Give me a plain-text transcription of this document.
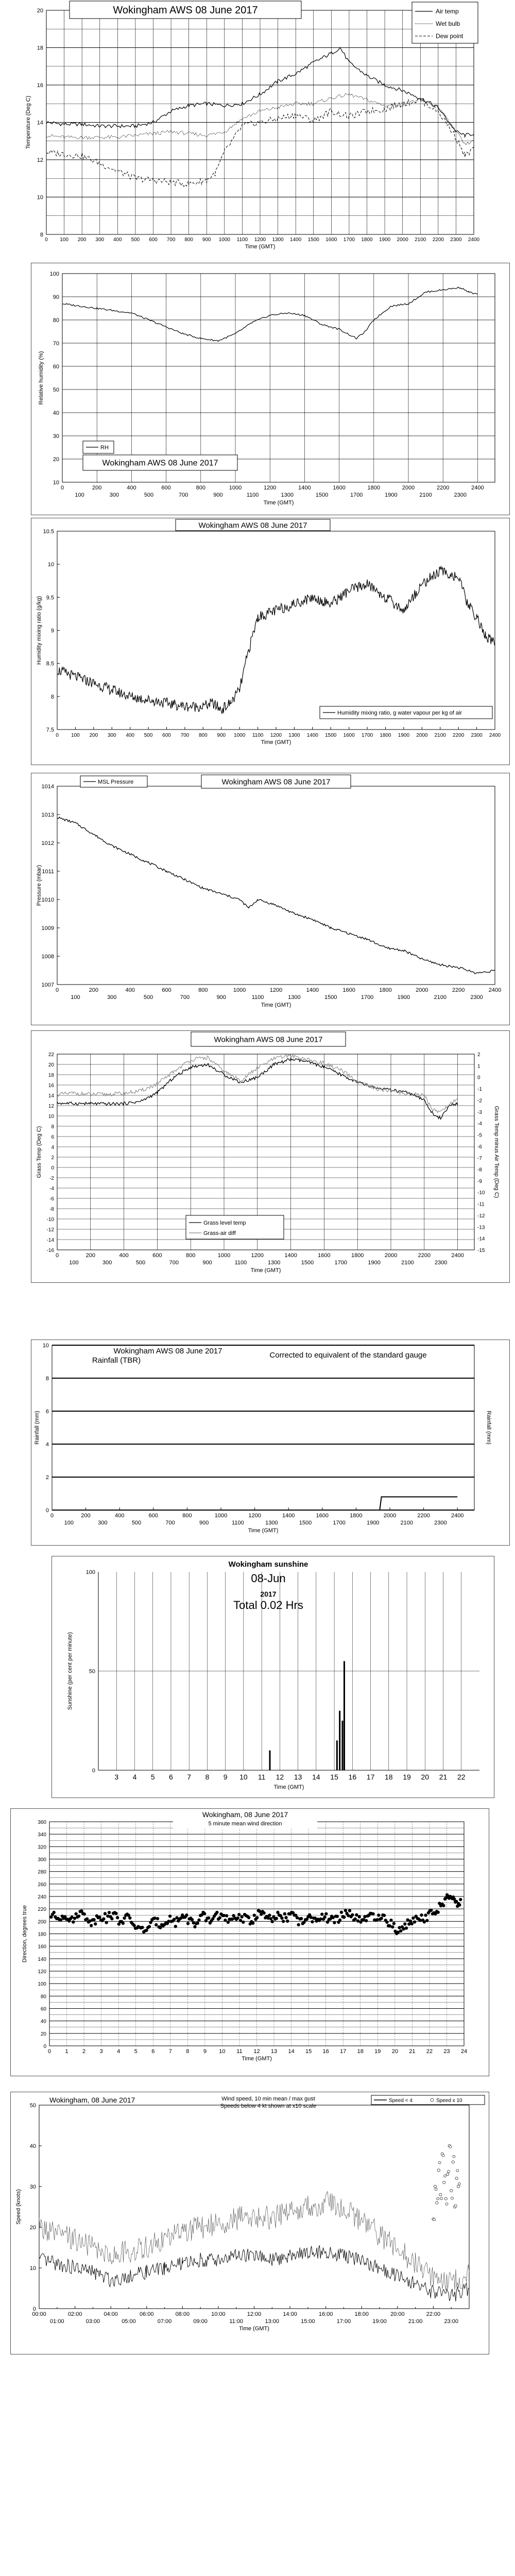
8
10
12
14
16
18
20
0 100 200 300 400 500 600 700 800 900 1000 1100 1200 1300 1400 1500 1600 1700 1800 1900 2000 2100 2200 2300 2400
Time (GMT)
Temperature (Deg C)
Wokingham AWS 08 June 2017	Air temp
Wet bulb
Dew point
10
20
30
40
50
60
70
80
90
100
0	200	400	600	800	1000	1200	1400	1600	1800	2000	2200	2400
100	300	500	700	900	1100	1300	1500	1700	1900	2100	2300
Time (GMT)
Relative humidity (%)
RH
Wokingham AWS 08 June 2017
7.5
8
8.5
9
9.5
10
10.5
0 100 200 300 400 500 600 700 800 900 1000 1100 1200 1300 1400 1500 1600 1700 1800 1900 2000 2100 2200 2300 2400
Time (GMT)
Humidity mixing ratio (g/kg)
Wokingham AWS 08 June 2017
Humidity mixing ratio, g water vapour per kg of air
1007
1008
1009
1010
1011
1012
1013
1014
0	200	400	600	800	1000	1200	1400	1600	1800	2000	2200	2400
100	300	500	700	900	1100	1300	1500	1700	1900	2100	2300
Time (GMT)
Pressure (mbar)
MSL Pressure	Wokingham AWS 08 June 2017
-16
-14
-12
-10
-8
-6
-4
-2
0
2
4
6
8
10
12
14
16
18
20
22
-15
-14
-13
-12
-11
-10
-9
-8
-7
-6
-5
-4
-3
-2
-1
0
1
2
0	200	400	600	800	1000	1200	1400	1600	1800	2000	2200	2400
100	300	500	700	900	1100	1300	1500	1700	1900	2100	2300
Time (GMT)
Grass Temp (Deg C)	Grass Temp minus Air Temp (Deg C)
Wokingham AWS 08 June 2017
Grass level temp
Grass-air diff
0
2
4
6
8
10
0	200	400	600	800	1000	1200	1400	1600	1800	2000	2200	2400
100	300	500	700	900	1100	1300	1500	1700	1900	2100	2300
Time (GMT)
Rainfall (mm)	Rainfall (mm)
Wokingham AWS 08 June 2017
Rainfall (TBR)
Corrected to equivalent of the standard gauge
3 4 5 6 7 8 9 10 11 12 13 14 15 16 17 18 19 20 21 22
0
50
100
Time (GMT)
Sunshine (per cent per minute)
Wokingham sunshine
08-Jun
2017
Total 0.02 Hrs
0
20
40
60
80
100
120
140
160
180
200
220
240
260
280
300
320
340
360
0 1 2 3 4 5 6 7 8 9 10 11 12 13 14 15 16 17 18 19 20 21 22 23 24
Time (GMT)
Direction, degrees true
Wokingham, 08 June 2017
5 minute mean wind direction
0
10
20
30
40
50
00:00	02:00	04:00	06:00	08:00	10:00	12:00	14:00	16:00	18:00	20:00	22:00
01:00	03:00	05:00	07:00	09:00	11:00	13:00	15:00	17:00	19:00	21:00	23:00
Time (GMT)
Speed (knots)
Wokingham, 08 June 2017	Wind speed, 10 min mean / max gust
Speeds below 4 kt shown at x10 scale
Speed < 4	Speed x 10
